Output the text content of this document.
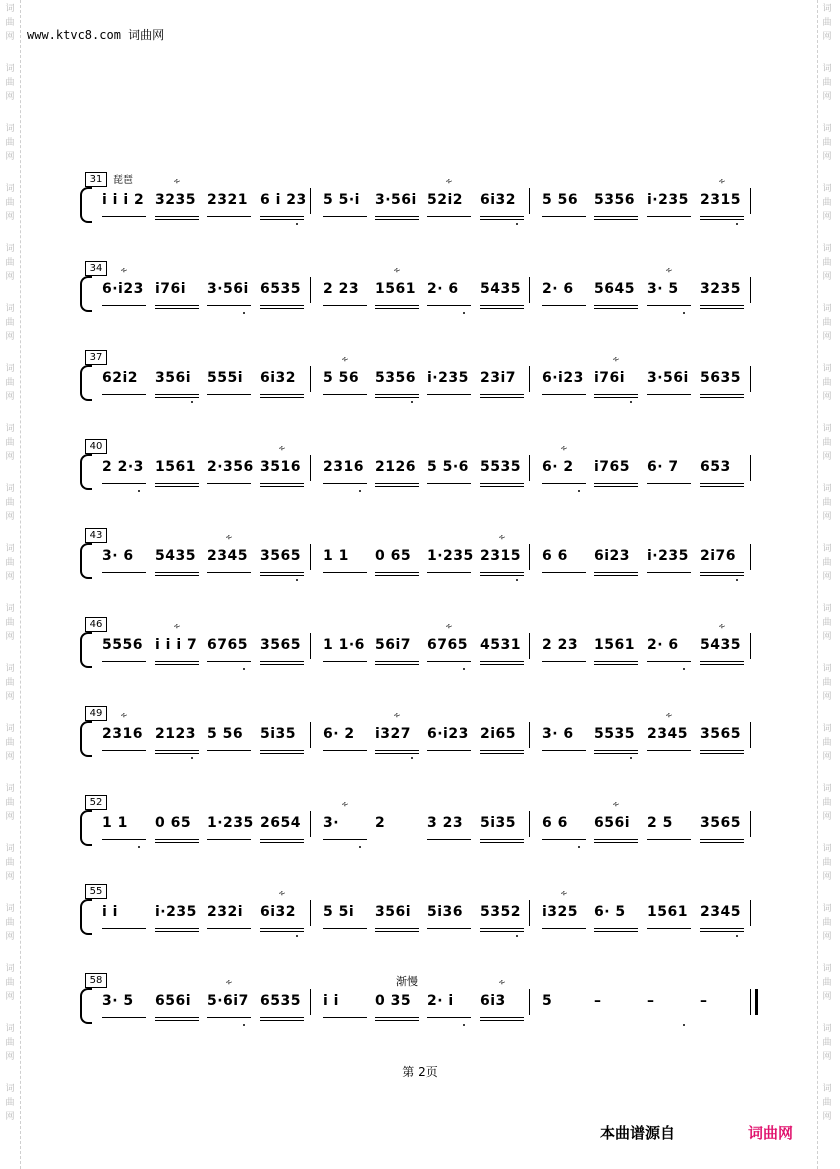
词
曲
网
词
曲
网
词
曲
网
词
曲
网
词
曲
网
词
曲
网
词
曲
网
词
曲
网
词
曲
网
词
曲
网
词
曲
网
词
曲
网
词
曲
网
词
曲
网
词
曲
网
词
曲
网
词
曲
网
词
曲
网
词
曲
网
词
曲
网
词
曲
网
词
曲
网
词
曲
网
词
曲
网
词
曲
网
词
曲
网
词
曲
网
词
曲
网
词
曲
网
词
曲
网
词
曲
网
词
曲
网
词
曲
网
词
曲
网
词
曲
网
词
曲
网
词
曲
网
词
曲
网
www.ktvc8.com 词曲网
31	琵琶
i i i 2 3235
∻
2321 6 i 23 5 5·i 3·56i 52i2
∻
6i32 5 56 5356 i·235 2315
∻
34
6·i23
∻
i76i 3·56i 6535 2 23 1561
∻
2· 6 5435 2· 6 5645 3· 5
∻
3235
37
62i2 356i 555i 6i32 5 56
∻
5356 i·235 23i7 6·i23 i76i
∻
3·56i 5635
40
2 2·3 1561 2·356 3516
∻
2316 2126 5 5·6 5535 6· 2
∻
i765 6· 7 653
43
3· 6 5435 2345
∻
3565 1 1 0 65 1·235 2315
∻
6 6 6i23 i·235 2i76
46
5556 i i i 7
∻
6765 3565 1 1·6 56i7 6765
∻
4531 2 23 1561 2· 6 5435
∻
49
2316
∻
2123 5 56 5i35 6· 2 i327
∻
6·i23 2i65 3· 6 5535 2345
∻
3565
52
1 1 0 65 1·235 2654 3·
∻
2	3 23 5i35 6 6 656i
∻
2 5 3565
55
i i	i·235 232i 6i32
∻
5 5i 356i 5i36 5352 i325
∻
6· 5 1561 2345
58
3· 5 656i 5·6i7
∻
6535 i i	0 35 2· i 6i3
∻
5	–	–	–
渐慢
第 2页
本曲谱源自	词曲网
